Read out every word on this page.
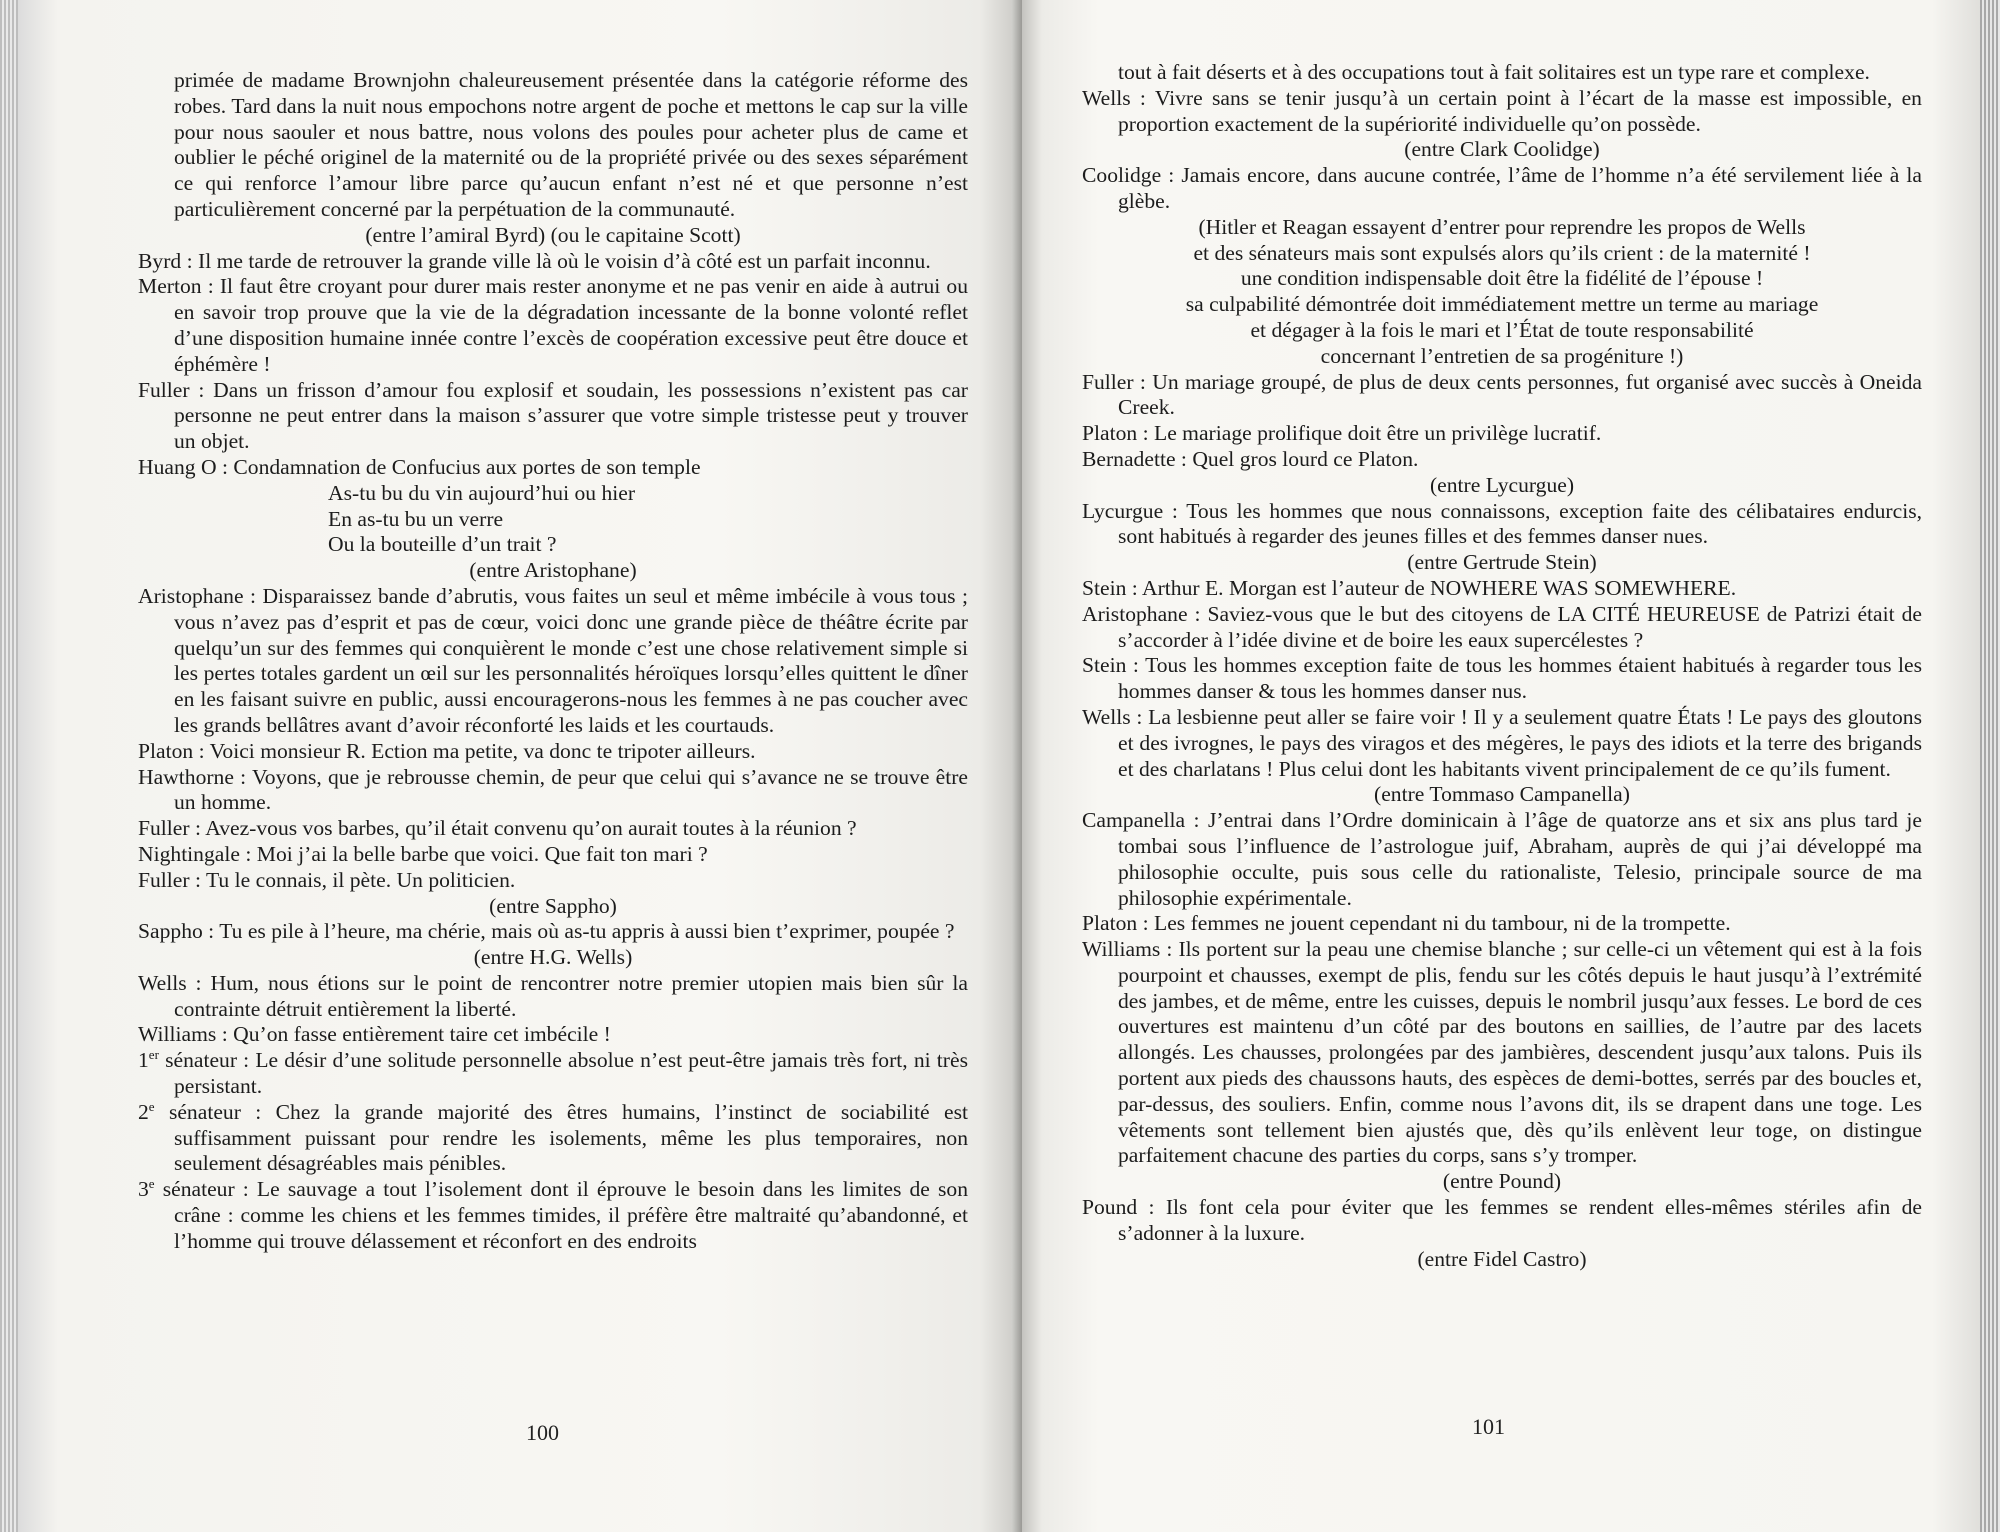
primée de madame Brownjohn chaleureusement présentée dans la catégorie réforme des robes. Tard dans la nuit nous empochons notre argent de poche et mettons le cap sur la ville pour nous saouler et nous battre, nous volons des poules pour acheter plus de came et oublier le péché originel de la maternité ou de la propriété privée ou des sexes séparément ce qui renforce l’amour libre parce qu’aucun enfant n’est né et que personne n’est particulièrement concerné par la perpétuation de la communauté.

(entre l’amiral Byrd) (ou le capitaine Scott)

Byrd : Il me tarde de retrouver la grande ville là où le voisin d’à côté est un parfait inconnu.

Merton : Il faut être croyant pour durer mais rester anonyme et ne pas venir en aide à autrui ou en savoir trop prouve que la vie de la dégradation incessante de la bonne volonté reflet d’une disposition humaine innée contre l’excès de coopération excessive peut être douce et éphémère !

Fuller : Dans un frisson d’amour fou explosif et soudain, les possessions n’existent pas car personne ne peut entrer dans la maison s’assurer que votre simple tristesse peut y trouver un objet.

Huang O : Condamnation de Confucius aux portes de son temple

As-tu bu du vin aujourd’hui ou hier

En as-tu bu un verre

Ou la bouteille d’un trait ?

(entre Aristophane)

Aristophane : Disparaissez bande d’abrutis, vous faites un seul et même imbécile à vous tous ; vous n’avez pas d’esprit et pas de cœur, voici donc une grande pièce de théâtre écrite par quelqu’un sur des femmes qui conquièrent le monde c’est une chose relativement simple si les pertes totales gardent un œil sur les personnalités héroïques lorsqu’elles quittent le dîner en les faisant suivre en public, aussi encouragerons-nous les femmes à ne pas coucher avec les grands bellâtres avant d’avoir réconforté les laids et les courtauds.

Platon : Voici monsieur R. Ection ma petite, va donc te tripoter ailleurs.

Hawthorne : Voyons, que je rebrousse chemin, de peur que celui qui s’avance ne se trouve être un homme.

Fuller : Avez-vous vos barbes, qu’il était convenu qu’on aurait toutes à la réunion ?

Nightingale : Moi j’ai la belle barbe que voici. Que fait ton mari ?

Fuller : Tu le connais, il pète. Un politicien.

(entre Sappho)

Sappho : Tu es pile à l’heure, ma chérie, mais où as-tu appris à aussi bien t’exprimer, poupée ?

(entre H.G. Wells)

Wells : Hum, nous étions sur le point de rencontrer notre premier utopien mais bien sûr la contrainte détruit entièrement la liberté.

Williams : Qu’on fasse entièrement taire cet imbécile !

1er sénateur : Le désir d’une solitude personnelle absolue n’est peut-être jamais très fort, ni très persistant.

2e sénateur : Chez la grande majorité des êtres humains, l’instinct de sociabilité est suffisamment puissant pour rendre les isolements, même les plus temporaires, non seulement désagréables mais pénibles.

3e sénateur : Le sauvage a tout l’isolement dont il éprouve le besoin dans les limites de son crâne : comme les chiens et les femmes timides, il préfère être maltraité qu’abandonné, et l’homme qui trouve délassement et réconfort en des endroits

100

tout à fait déserts et à des occupations tout à fait solitaires est un type rare et complexe.

Wells : Vivre sans se tenir jusqu’à un certain point à l’écart de la masse est impossible, en proportion exactement de la supériorité individuelle qu’on possède.

(entre Clark Coolidge)

Coolidge : Jamais encore, dans aucune contrée, l’âme de l’homme n’a été servilement liée à la glèbe.

(Hitler et Reagan essayent d’entrer pour reprendre les propos de Wells

et des sénateurs mais sont expulsés alors qu’ils crient : de la maternité !

une condition indispensable doit être la fidélité de l’épouse !

sa culpabilité démontrée doit immédiatement mettre un terme au mariage

et dégager à la fois le mari et l’État de toute responsabilité

concernant l’entretien de sa progéniture !)

Fuller : Un mariage groupé, de plus de deux cents personnes, fut organisé avec succès à Oneida Creek.

Platon : Le mariage prolifique doit être un privilège lucratif.

Bernadette : Quel gros lourd ce Platon.

(entre Lycurgue)

Lycurgue : Tous les hommes que nous connaissons, exception faite des célibataires endurcis, sont habitués à regarder des jeunes filles et des femmes danser nues.

(entre Gertrude Stein)

Stein : Arthur E. Morgan est l’auteur de NOWHERE WAS SOMEWHERE.

Aristophane : Saviez-vous que le but des citoyens de LA CITÉ HEUREUSE de Patrizi était de s’accorder à l’idée divine et de boire les eaux supercélestes ?

Stein : Tous les hommes exception faite de tous les hommes étaient habitués à regarder tous les hommes danser & tous les hommes danser nus.

Wells : La lesbienne peut aller se faire voir ! Il y a seulement quatre États ! Le pays des gloutons et des ivrognes, le pays des viragos et des mégères, le pays des idiots et la terre des brigands et des charlatans ! Plus celui dont les habitants vivent principalement de ce qu’ils fument.

(entre Tommaso Campanella)

Campanella : J’entrai dans l’Ordre dominicain à l’âge de quatorze ans et six ans plus tard je tombai sous l’influence de l’astrologue juif, Abraham, auprès de qui j’ai développé ma philosophie occulte, puis sous celle du rationaliste, Telesio, principale source de ma philosophie expérimentale.

Platon : Les femmes ne jouent cependant ni du tambour, ni de la trompette.

Williams : Ils portent sur la peau une chemise blanche ; sur celle-ci un vêtement qui est à la fois pourpoint et chausses, exempt de plis, fendu sur les côtés depuis le haut jusqu’à l’extrémité des jambes, et de même, entre les cuisses, depuis le nombril jusqu’aux fesses. Le bord de ces ouvertures est maintenu d’un côté par des boutons en saillies, de l’autre par des lacets allongés. Les chausses, prolongées par des jambières, descendent jusqu’aux talons. Puis ils portent aux pieds des chaussons hauts, des espèces de demi-bottes, serrés par des boucles et, par-dessus, des souliers. Enfin, comme nous l’avons dit, ils se drapent dans une toge. Les vêtements sont tellement bien ajustés que, dès qu’ils enlèvent leur toge, on distingue parfaitement chacune des parties du corps, sans s’y tromper.

(entre Pound)

Pound : Ils font cela pour éviter que les femmes se rendent elles-mêmes stériles afin de s’adonner à la luxure.

(entre Fidel Castro)

101
